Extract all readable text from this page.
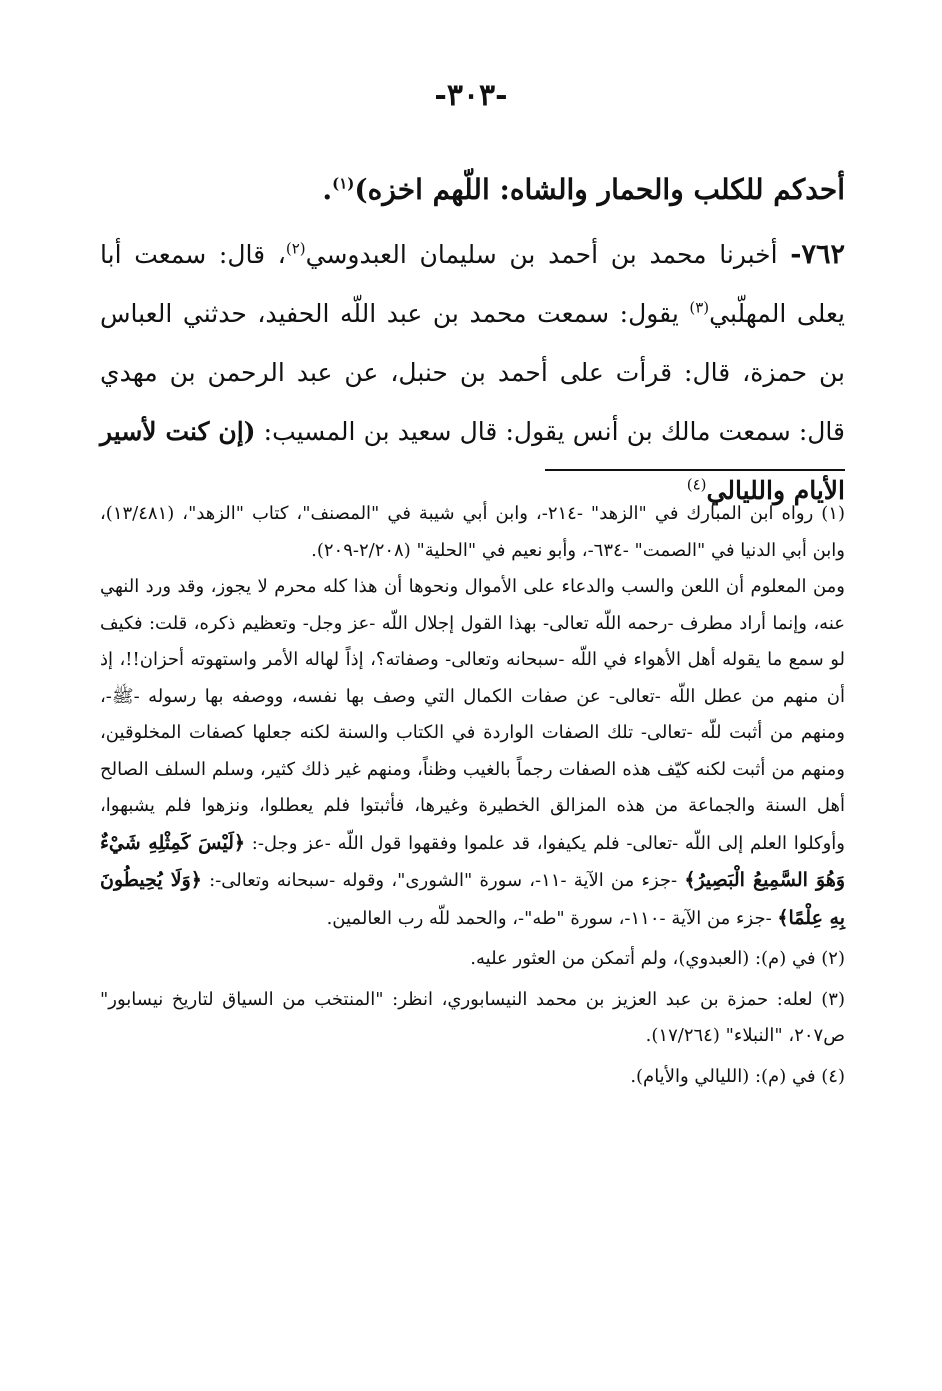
-٣٠٣-

أحدكم للكلب والحمار والشاه: اللّهم اخزه)$^{(١)}$.

٧٦٢- أخبرنا محمد بن أحمد بن سليمان العبدوسي$^{(٢)}$، قال: سمعت أبا يعلى المهلّبي$^{(٣)}$ يقول: سمعت محمد بن عبد اللّه الحفيد، حدثني العباس بن حمزة، قال: قرأت على أحمد بن حنبل، عن عبد الرحمن بن مهدي قال: سمعت مالك بن أنس يقول: قال سعيد بن المسيب: (إن كنت لأسير الأيام والليالي$^{(٤)}$

(١) رواه ابن المبارك في "الزهد" -٢١٤-، وابن أبي شيبة في "المصنف"، كتاب "الزهد"، (١٣/٤٨١)، وابن أبي الدنيا في "الصمت" -٦٣٤-، وأبو نعيم في "الحلية" (٢/٢٠٨-٢٠٩).

ومن المعلوم أن اللعن والسب والدعاء على الأموال ونحوها أن هذا كله محرم لا يجوز، وقد ورد النهي عنه، وإنما أراد مطرف -رحمه اللّه تعالى- بهذا القول إجلال اللّه -عز وجل- وتعظيم ذكره، قلت: فكيف لو سمع ما يقوله أهل الأهواء في اللّه -سبحانه وتعالى- وصفاته؟، إذاً لهاله الأمر واستهوته أحزان!!، إذ أن منهم من عطل اللّه -تعالى- عن صفات الكمال التي وصف بها نفسه، ووصفه بها رسوله -ﷺ-، ومنهم من أثبت للّه -تعالى- تلك الصفات الواردة في الكتاب والسنة لكنه جعلها كصفات المخلوقين، ومنهم من أثبت لكنه كيّف هذه الصفات رجماً بالغيب وظناً، ومنهم غير ذلك كثير، وسلم السلف الصالح أهل السنة والجماعة من هذه المزالق الخطيرة وغيرها، فأثبتوا فلم يعطلوا، ونزهوا فلم يشبهوا، وأوكلوا العلم إلى اللّه -تعالى- فلم يكيفوا، قد علموا وفقهوا قول اللّه -عز وجل-: ﴿لَيْسَ كَمِثْلِهِ شَيْءٌ وَهُوَ السَّمِيعُ الْبَصِيرُ﴾ -جزء من الآية -١١-، سورة "الشورى"، وقوله -سبحانه وتعالى-: ﴿وَلَا يُحِيطُونَ بِهِ عِلْمًا﴾ -جزء من الآية -١١٠-، سورة "طه"-، والحمد للّه رب العالمين.

(٢) في (م): (العبدوي)، ولم أتمكن من العثور عليه.

(٣) لعله: حمزة بن عبد العزيز بن محمد النيسابوري، انظر: "المنتخب من السياق لتاريخ نيسابور" ص٢٠٧، "النبلاء" (١٧/٢٦٤).

(٤) في (م): (الليالي والأيام).
